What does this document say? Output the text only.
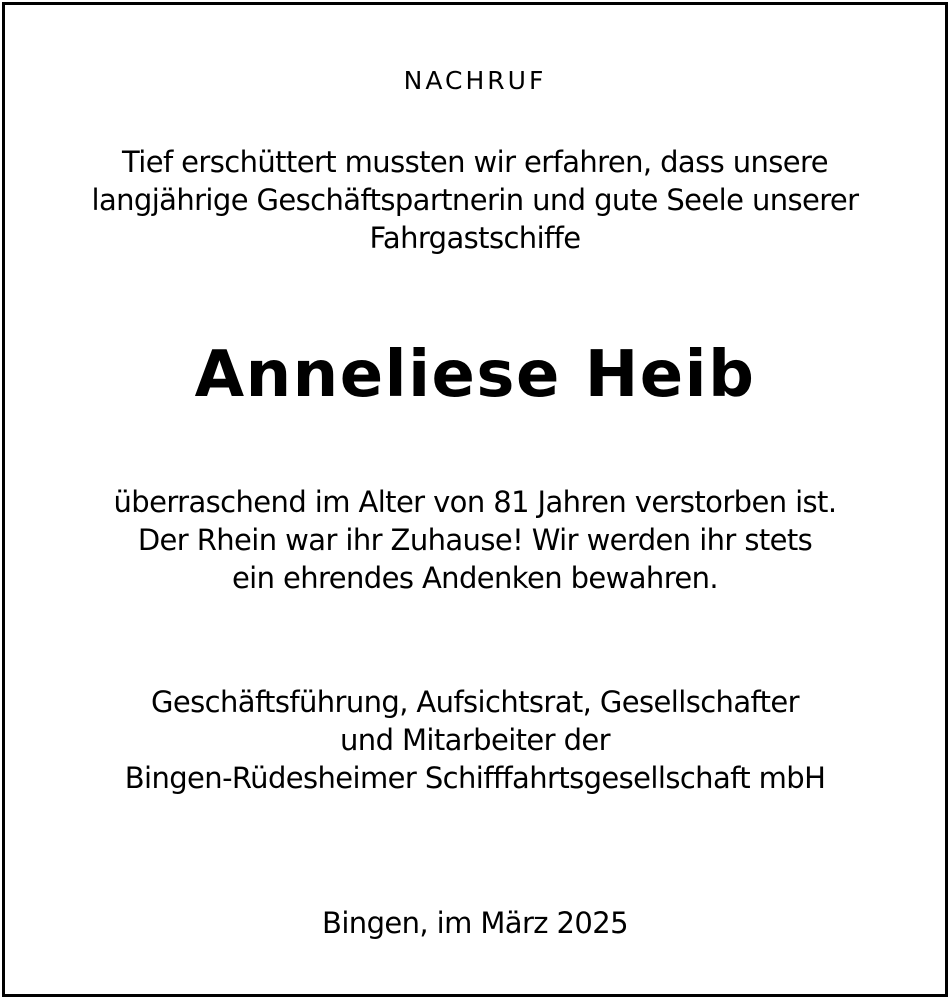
NACHRUF
Tief erschüttert mussten wir erfahren, dass unsere
langjährige Geschäftspartnerin und gute Seele unserer
Fahrgastschiffe
Anneliese Heib
überraschend im Alter von 81 Jahren verstorben ist.
Der Rhein war ihr Zuhause! Wir werden ihr stets
ein ehrendes Andenken bewahren.
Geschäftsführung, Aufsichtsrat, Gesellschafter
und Mitarbeiter der
Bingen-Rüdesheimer Schifffahrtsgesellschaft mbH
Bingen, im März 2025
